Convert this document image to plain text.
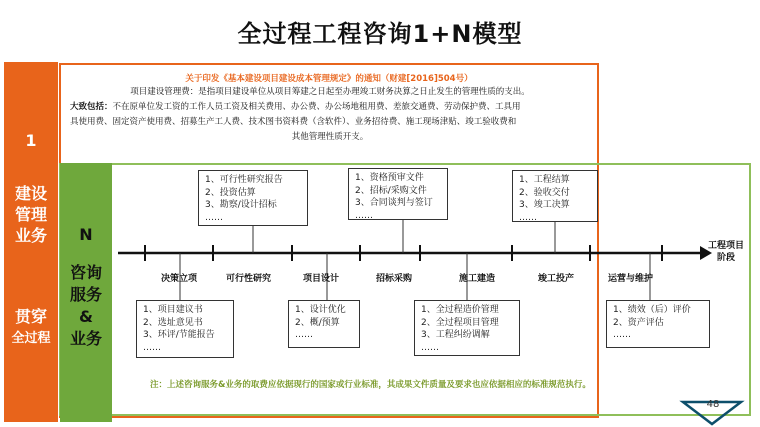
全过程工程咨询1+N模型
1
建设
管理
业务
贯穿
全过程
N
咨询
服务
&
业务
关于印发《基本建设项目建设成本管理规定》的通知（财建[2016]504号）
项目建设管理费：是指项目建设单位从项目筹建之日起至办理竣工财务决算之日止发生的管理性质的支出。
大致包括：不在原单位发工资的工作人员工资及相关费用、办公费、办公场地租用费、差旅交通费、劳动保护费、工具用
具使用费、固定资产使用费、招募生产工人费、技术图书资料费（含软件）、业务招待费、施工现场津贴、竣工验收费和
其他管理性质开支。
1、可行性研究报告
2、投资估算
3、勘察/设计招标
……
1、资格预审文件
2、招标/采购文件
3、合同谈判与签订
……
1、工程结算
2、验收交付
3、竣工决算
……
决策立项	可行性研究	项目设计	招标采购	施工建造	竣工投产	运营与维护
工程项目
阶段
1、项目建议书
2、选址意见书
3、环评/节能报告
……
1、设计优化
2、概/预算
……
1、全过程造价管理
2、全过程项目管理
3、工程纠纷调解
……
1、绩效（后）评价
2、资产评估
……
注：上述咨询服务&业务的取费应依据现行的国家或行业标准，其成果文件质量及要求也应依据相应的标准规范执行。
48
